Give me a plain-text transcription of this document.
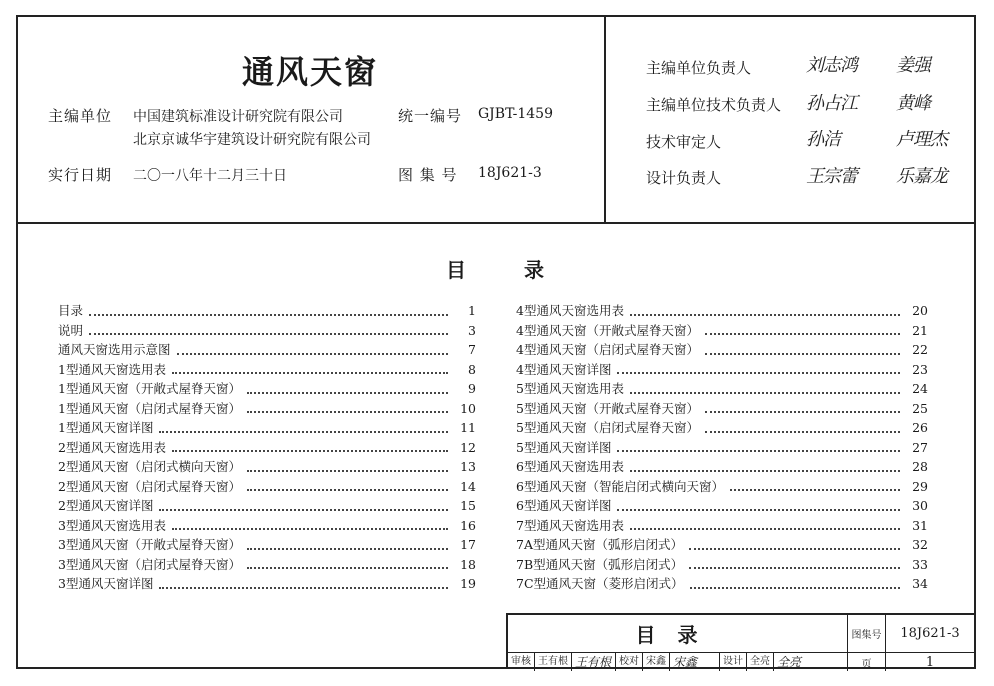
通风天窗
主编单位 中国建筑标准设计研究院有限公司
北京京诚华宇建筑设计研究院有限公司
统一编号 GJBT-1459
实行日期 二〇一八年十二月三十日	图 集 号 18J621-3
主编单位负责人	刘志鸿 姜强
主编单位技术负责人 孙占江 黄峰
技术审定人	孙洁	卢理杰
设计负责人	王宗蕾 乐嘉龙
目	录
目录	1
说明	3
通风天窗选用示意图	7
1型通风天窗选用表	8
1型通风天窗（开敞式屋脊天窗）	9
1型通风天窗（启闭式屋脊天窗）	10
1型通风天窗详图	11
2型通风天窗选用表	12
2型通风天窗（启闭式横向天窗）	13
2型通风天窗（启闭式屋脊天窗）	14
2型通风天窗详图	15
3型通风天窗选用表	16
3型通风天窗（开敞式屋脊天窗）	17
3型通风天窗（启闭式屋脊天窗）	18
3型通风天窗详图	19
4型通风天窗选用表	20
4型通风天窗（开敞式屋脊天窗）	21
4型通风天窗（启闭式屋脊天窗）	22
4型通风天窗详图	23
5型通风天窗选用表	24
5型通风天窗（开敞式屋脊天窗）	25
5型通风天窗（启闭式屋脊天窗）	26
5型通风天窗详图	27
6型通风天窗选用表	28
6型通风天窗（智能启闭式横向天窗）	29
6型通风天窗详图	30
7型通风天窗选用表	31
7A型通风天窗（弧形启闭式）	32
7B型通风天窗（弧形启闭式）	33
7C型通风天窗（菱形启闭式）	34
目录	图集号	18J621-3
审核 王有根 王有根 校对 宋鑫 宋鑫	设计 全亮 全亮	页	1
